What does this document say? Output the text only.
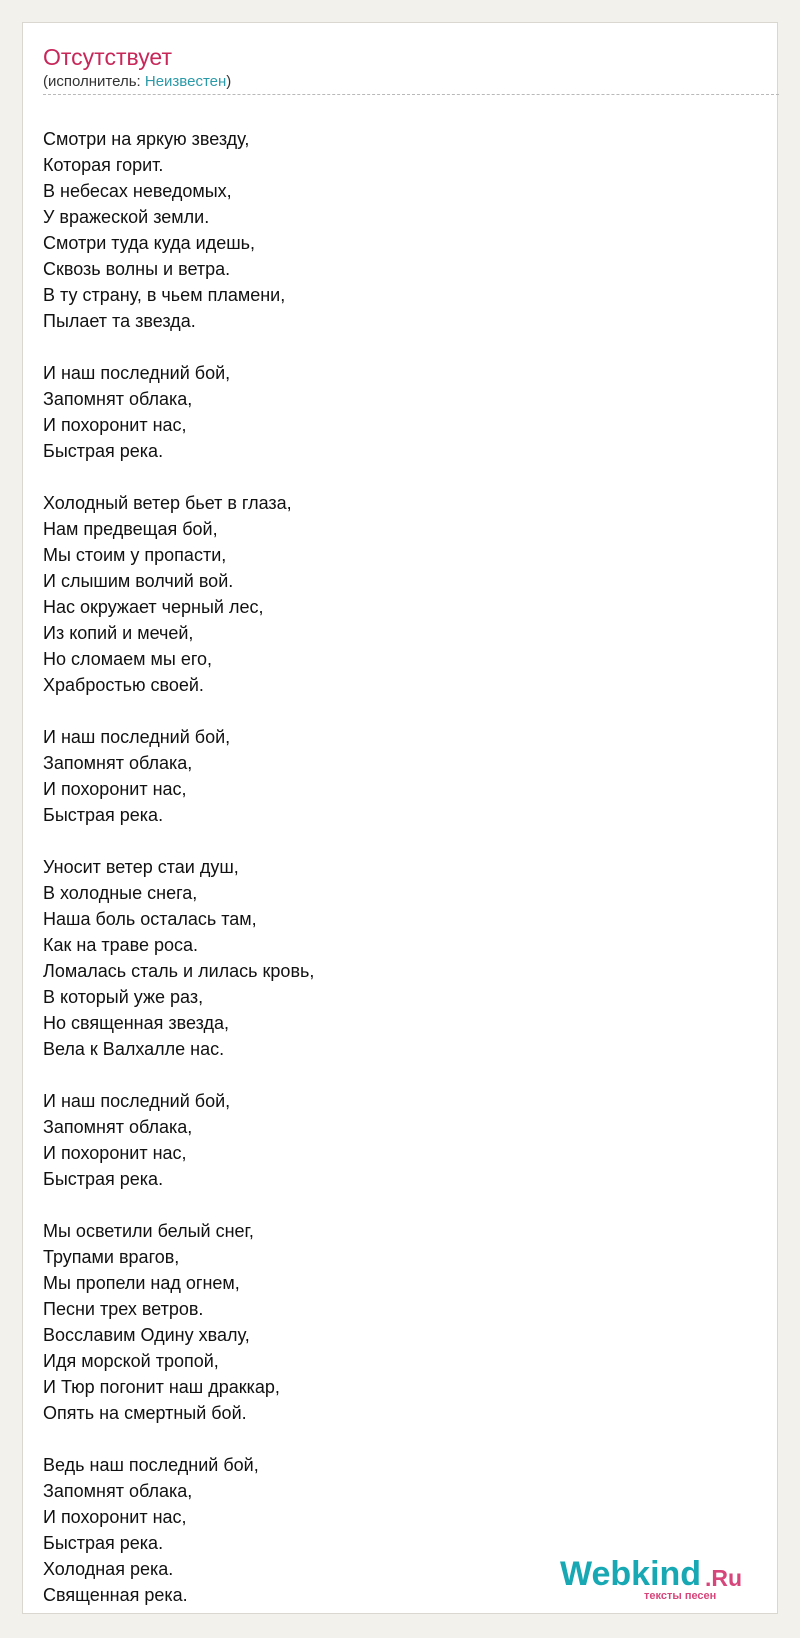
Отсутствует
(исполнитель: Неизвестен)
Смотри на яркую звезду,
Которая горит.
В небесах неведомых,
У вражеской земли.
Смотри туда куда идешь,
Сквозь волны и ветра.
В ту страну, в чьем пламени,
Пылает та звезда.
И наш последний бой,
Запомнят облака,
И похоронит нас,
Быстрая река.
Холодный ветер бьет в глаза,
Нам предвещая бой,
Мы стоим у пропасти,
И слышим волчий вой.
Нас окружает черный лес,
Из копий и мечей,
Но сломаем мы его,
Храбростью своей.
И наш последний бой,
Запомнят облака,
И похоронит нас,
Быстрая река.
Уносит ветер стаи душ,
В холодные снега,
Наша боль осталась там,
Как на траве роса.
Ломалась сталь и лилась кровь,
В который уже раз,
Но священная звезда,
Вела к Валхалле нас.
И наш последний бой,
Запомнят облака,
И похоронит нас,
Быстрая река.
Мы осветили белый снег,
Трупами врагов,
Мы пропели над огнем,
Песни трех ветров.
Восславим Одину хвалу,
Идя морской тропой,
И Тюр погонит наш драккар,
Опять на смертный бой.
Ведь наш последний бой,
Запомнят облака,
И похоронит нас,
Быстрая река.
Холодная река.
Священная река.
Webkind .Ru
тексты песен
